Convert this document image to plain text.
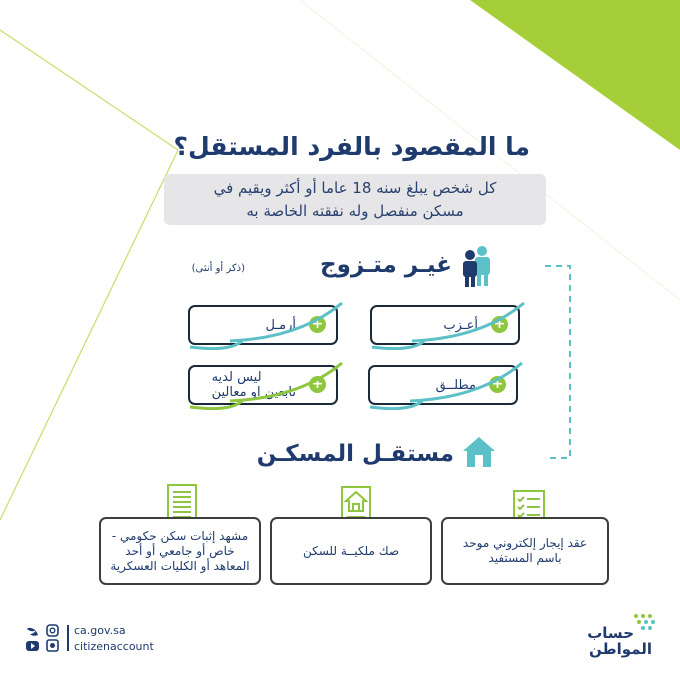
ما المقصود بالفرد المستقل؟
كل شخص يبلغ سنه 18 عاما أو أكثر ويقيم في
مسكن منفصل وله نفقته الخاصة به
غيـر متـزوج
(ذكر أو أنثى)
+
أرمـل	+
أعـزب
+
ليس لديه
تابعين او معالين
+
مطلــق
مستقـل المسكـن
عقد إيجار إلكتروني موحد
باسم المستفيد
صك ملكيــة للسكن
مشهد إثبات سكن حكومي -
خاص أو جامعي أو أحد
المعاهد أو الكليات العسكرية
ca.gov.sa
citizenaccount
حساب
المواطن
